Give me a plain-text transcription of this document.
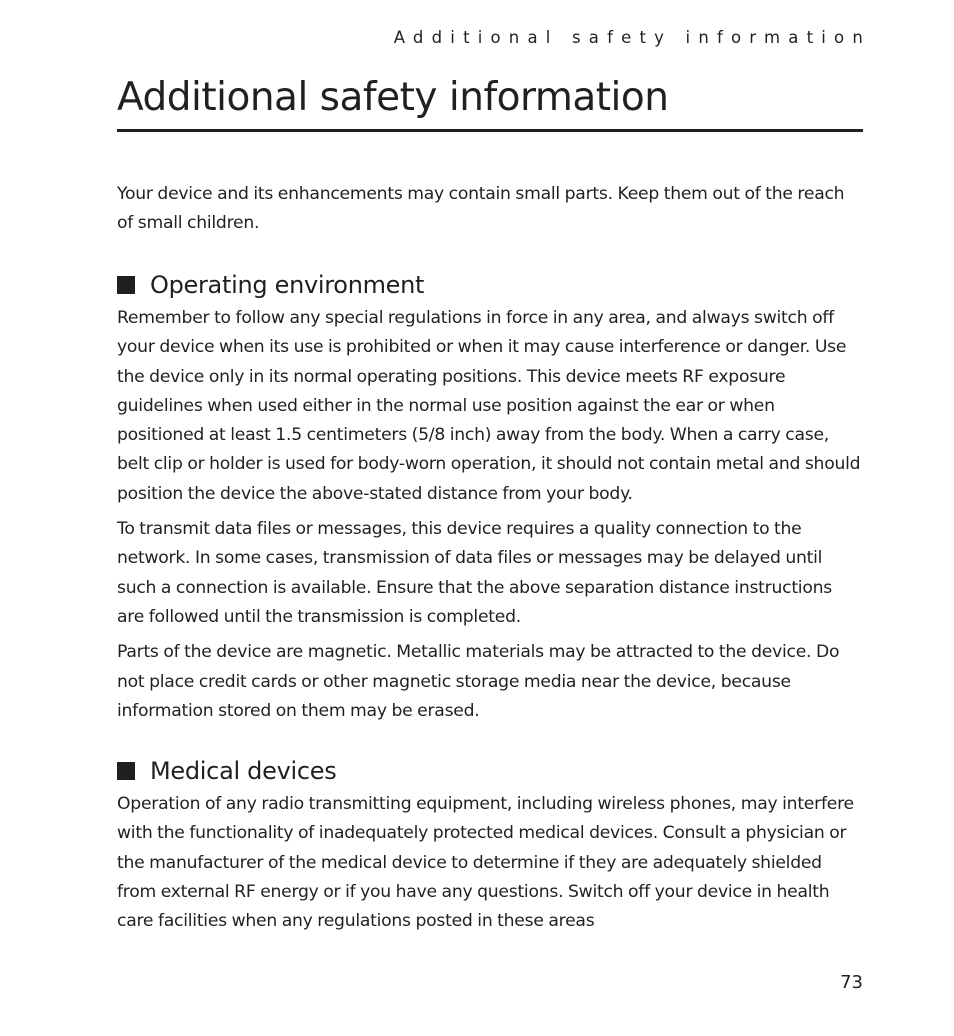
Additional safety information
Additional safety information

Your device and its enhancements may contain small parts. Keep them out of the reach of small children.

Operating environment

Remember to follow any special regulations in force in any area, and always switch off your device when its use is prohibited or when it may cause interference or danger. Use the device only in its normal operating positions. This device meets RF exposure guidelines when used either in the normal use position against the ear or when positioned at least 1.5 centimeters (5/8 inch) away from the body. When a carry case, belt clip or holder is used for body-worn operation, it should not contain metal and should position the device the above-stated distance from your body.

To transmit data files or messages, this device requires a quality connection to the network. In some cases, transmission of data files or messages may be delayed until such a connection is available. Ensure that the above separation distance instructions are followed until the transmission is completed.

Parts of the device are magnetic. Metallic materials may be attracted to the device. Do not place credit cards or other magnetic storage media near the device, because information stored on them may be erased.

Medical devices

Operation of any radio transmitting equipment, including wireless phones, may interfere with the functionality of inadequately protected medical devices. Consult a physician or the manufacturer of the medical device to determine if they are adequately shielded from external RF energy or if you have any questions. Switch off your device in health care facilities when any regulations posted in these areas

73
